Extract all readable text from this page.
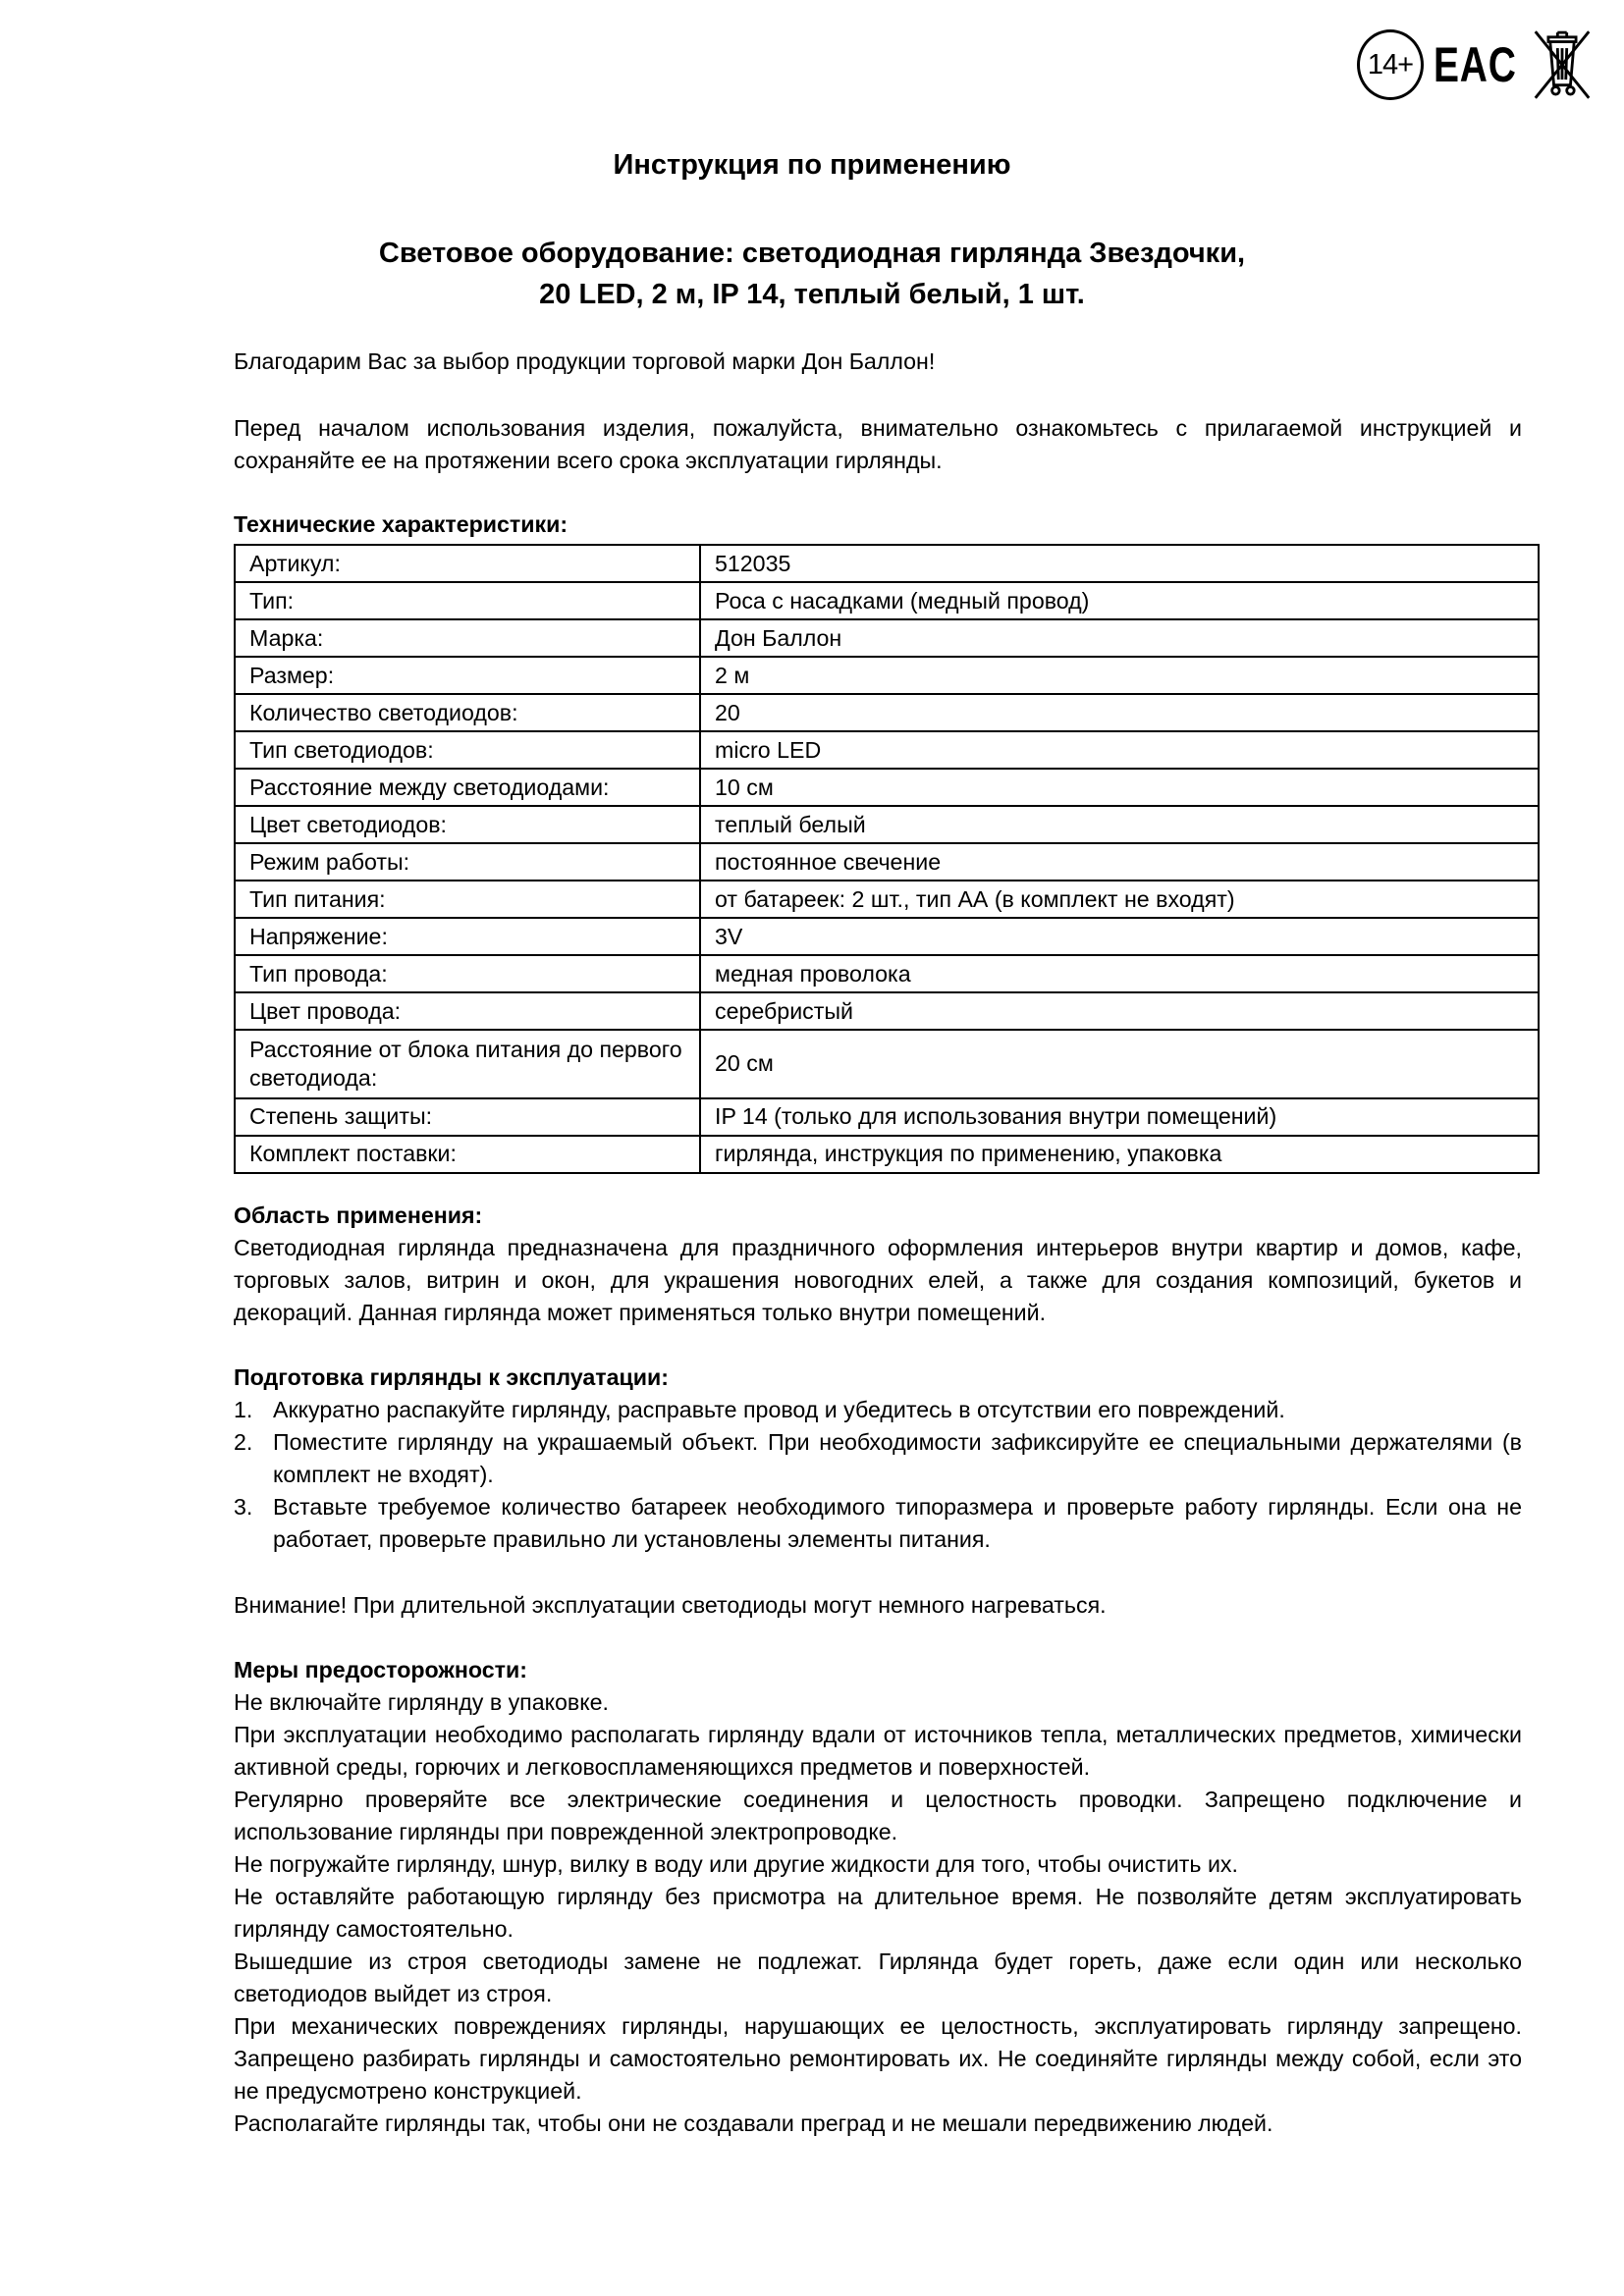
14+ EAC
Инструкция по применению
Световое оборудование: светодиодная гирлянда Звездочки,
20 LED, 2 м, IP 14, теплый белый, 1 шт.
Благодарим Вас за выбор продукции торговой марки Дон Баллон!
Перед началом использования изделия, пожалуйста, внимательно ознакомьтесь с прилагаемой инструкцией и сохраняйте ее на протяжении всего срока эксплуатации гирлянды.
Технические характеристики:
Артикул:	512035
Тип:	Роса с насадками (медный провод)
Марка:	Дон Баллон
Размер:	2 м
Количество светодиодов:	20
Тип светодиодов:	micro LED
Расстояние между светодиодами:	10 см
Цвет светодиодов:	теплый белый
Режим работы:	постоянное свечение
Тип питания:	от батареек: 2 шт., тип АА (в комплект не входят)
Напряжение:	3V
Тип провода:	медная проволока
Цвет провода:	серебристый
Расстояние от блока питания до первого светодиода:	20 см
Степень защиты:	IP 14 (только для использования внутри помещений)
Комплект поставки:	гирлянда, инструкция по применению, упаковка
Область применения:
Светодиодная гирлянда предназначена для праздничного оформления интерьеров внутри квартир и домов, кафе, торговых залов, витрин и окон, для украшения новогодних елей, а также для создания композиций, букетов и декораций. Данная гирлянда может применяться только внутри помещений.
Подготовка гирлянды к эксплуатации:
1. Аккуратно распакуйте гирлянду, расправьте провод и убедитесь в отсутствии его повреждений.
2. Поместите гирлянду на украшаемый объект. При необходимости зафиксируйте ее специальными держателями (в комплект не входят).
3. Вставьте требуемое количество батареек необходимого типоразмера и проверьте работу гирлянды. Если она не работает, проверьте правильно ли установлены элементы питания.
Внимание! При длительной эксплуатации светодиоды могут немного нагреваться.
Меры предосторожности:

Не включайте гирлянду в упаковке.

При эксплуатации необходимо располагать гирлянду вдали от источников тепла, металлических предметов, химически активной среды, горючих и легковоспламеняющихся предметов и поверхностей.

Регулярно проверяйте все электрические соединения и целостность проводки. Запрещено подключение и использование гирлянды при поврежденной электропроводке.

Не погружайте гирлянду, шнур, вилку в воду или другие жидкости для того, чтобы очистить их.

Не оставляйте работающую гирлянду без присмотра на длительное время. Не позволяйте детям эксплуатировать гирлянду самостоятельно.

Вышедшие из строя светодиоды замене не подлежат. Гирлянда будет гореть, даже если один или несколько светодиодов выйдет из строя.

При механических повреждениях гирлянды, нарушающих ее целостность, эксплуатировать гирлянду запрещено. Запрещено разбирать гирлянды и самостоятельно ремонтировать их. Не соединяйте гирлянды между собой, если это не предусмотрено конструкцией.

Располагайте гирлянды так, чтобы они не создавали преград и не мешали передвижению людей.
